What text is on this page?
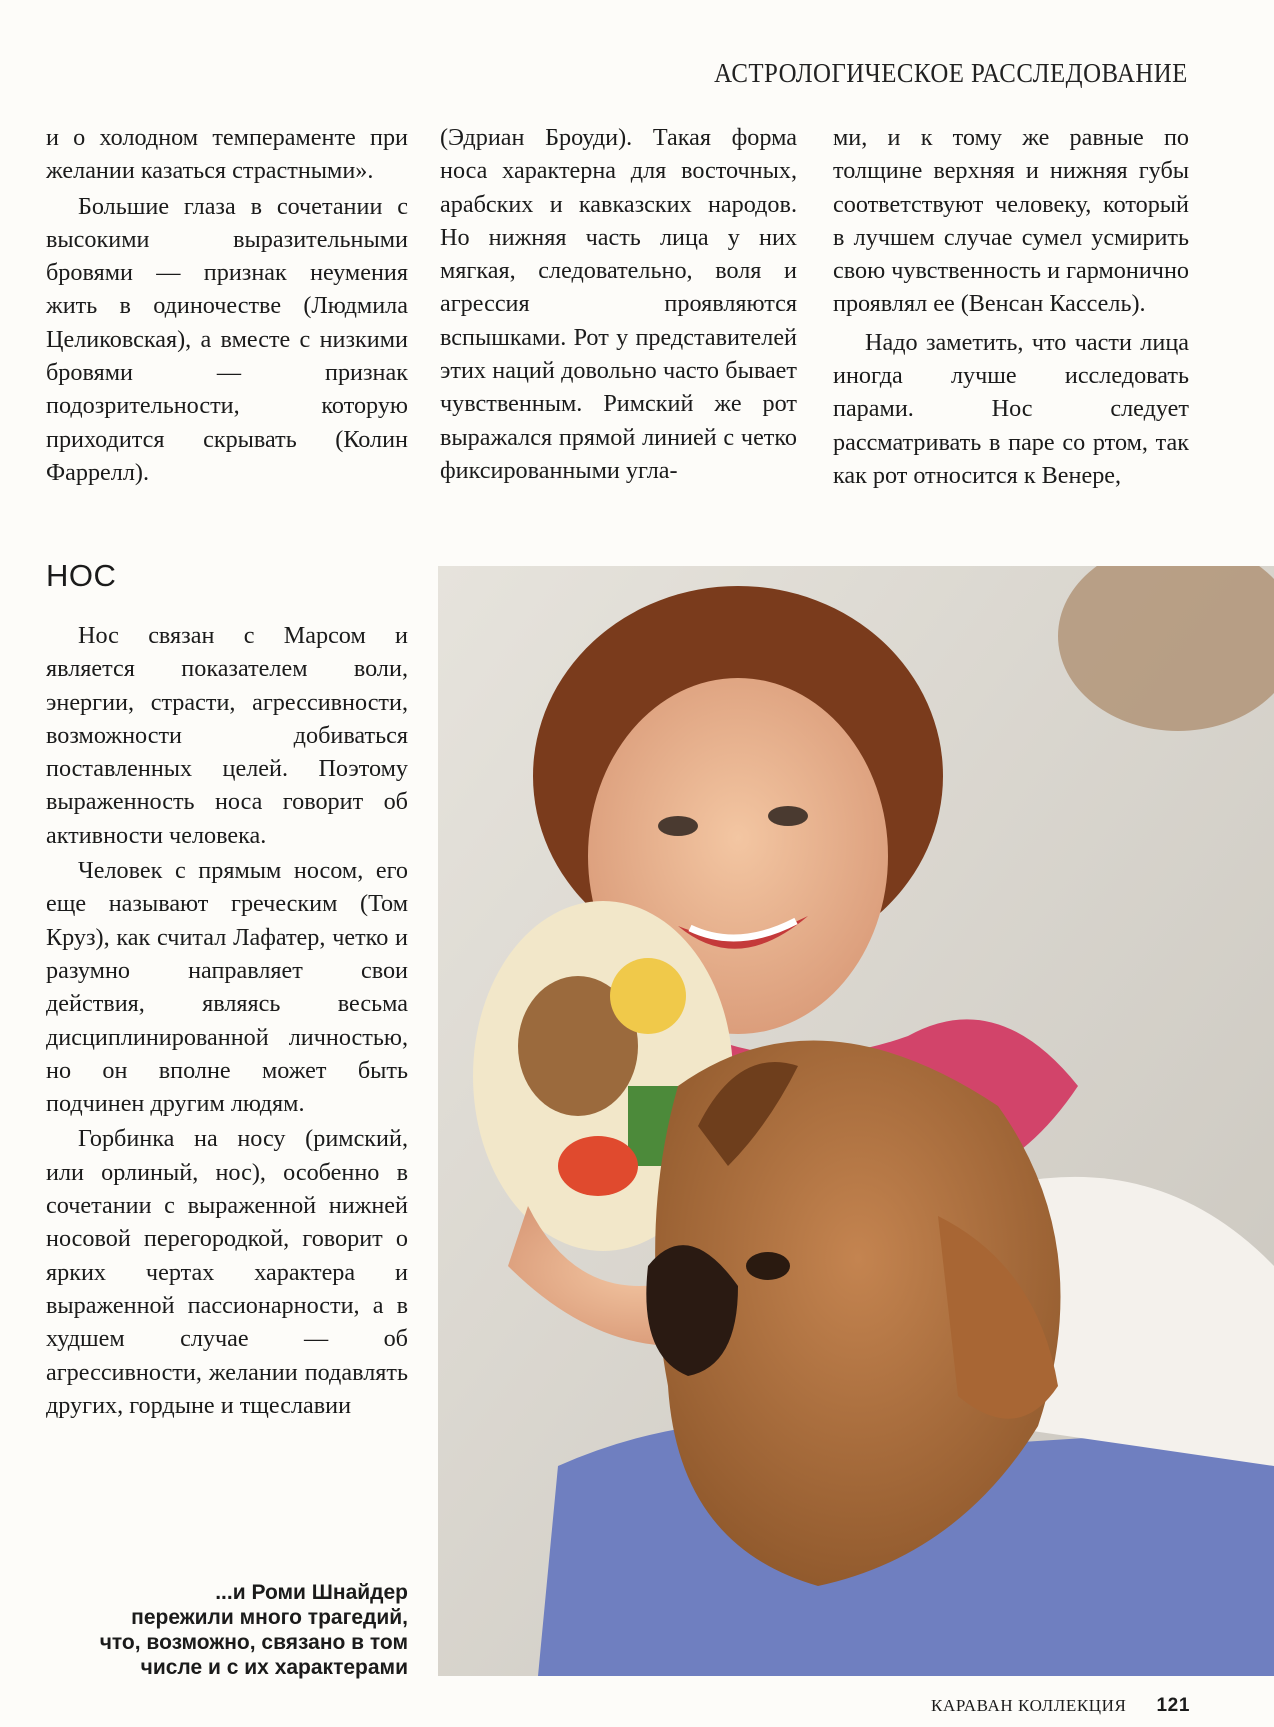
АСТРОЛОГИЧЕСКОЕ РАССЛЕДОВАНИЕ

и о холодном темпераменте при желании казаться страстными».

Большие глаза в сочетании с высокими выразительными бровями — признак неумения жить в одиночестве (Людмила Целиковская), а вместе с низкими бровями — признак подозрительности, которую приходится скрывать (Колин Фаррелл).

(Эдриан Броуди). Такая форма носа характерна для восточных, арабских и кавказских народов. Но нижняя часть лица у них мягкая, следовательно, воля и агрессия проявляются вспышками. Рот у представителей этих наций довольно часто бывает чувственным. Римский же рот выражался прямой линией с четко фиксированными угла-

ми, и к тому же равные по толщине верхняя и нижняя губы соответствуют человеку, который в лучшем случае сумел усмирить свою чувственность и гармонично проявлял ее (Венсан Кассель).

Надо заметить, что части лица иногда лучше исследовать парами. Нос следует рассматривать в паре со ртом, так как рот относится к Венере,

НОС

Нос связан с Марсом и является показателем воли, энергии, страсти, агрессивности, возможности добиваться поставленных целей. Поэтому выраженность носа говорит об активности человека.

Человек с прямым носом, его еще называют греческим (Том Круз), как считал Лафатер, четко и разумно направляет свои действия, являясь весьма дисциплинированной личностью, но он вполне может быть подчинен другим людям.

Горбинка на носу (римский, или орлиный, нос), особенно в сочетании с выраженной нижней носовой перегородкой, говорит о ярких чертах характера и выраженной пассионарности, а в худшем случае — об агрессивности, желании подавлять других, гордыне и тщеславии

...и Роми Шнайдер
пережили много трагедий,
что, возможно, связано в том
числе и с их характерами
КАРАВАН КОЛЛЕКЦИЯ 121
